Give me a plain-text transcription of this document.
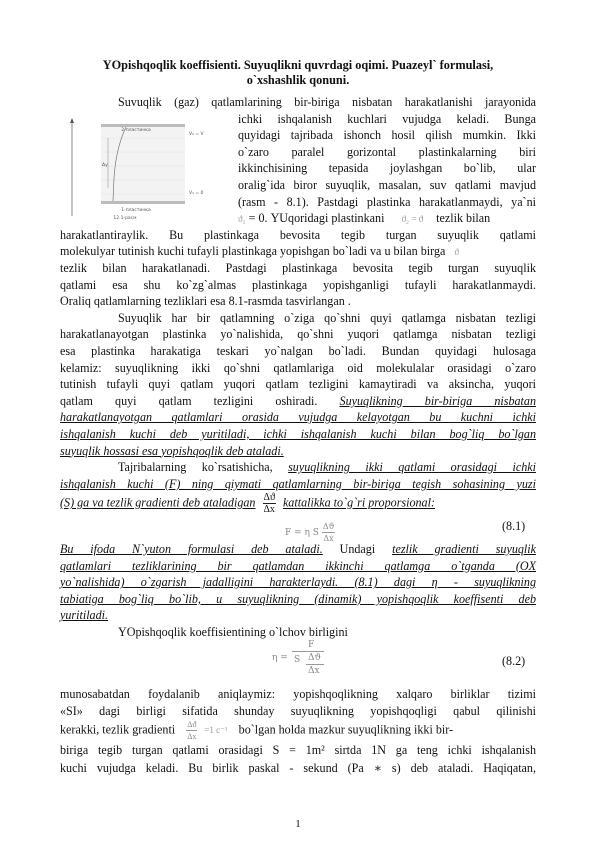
YOpishqoqlik koeffisienti. Suyuqlikni quvrdagi oqimi. Puazeyl` formulasi,
o`xshashlik qonuni.
2-пластинка
1-пластинка
V₂ = V
V₁ = 0
Δy
12.1-расм
Suvuqlik (gaz) qatlamlarining bir-biriga nisbatan harakatlanishi jarayonida
ichki ishqalanish kuchlari vujudga keladi. Bunga
quyidagi tajribada ishonch hosil qilish mumkin. Ikki
o`zaro paralel gorizontal plastinkalarning biri
ikkinchisining tepasida joylashgan bo`lib, ular
oralig`ida biror suyuqlik, masalan, suv qatlami mavjud
(rasm - 8.1). Pastdagi plastinka harakatlanmaydi, ya`ni
ϑ₁ = 0. YUqoridagi plastinkani ϑ₂ = ϑ tezlik bilan
harakatlantiraylik. Bu plastinkaga bevosita tegib turgan suyuqlik qatlami
molekulyar tutinish kuchi tufayli plastinkaga yopishgan bo`ladi va u bilan birga ϑ
tezlik bilan harakatlanadi. Pastdagi plastinkaga bevosita tegib turgan suyuqlik
qatlami esa shu ko`zg`almas plastinkaga yopishganligi tufayli harakatlanmaydi.
Oraliq qatlamlarning tezliklari esa 8.1-rasmda tasvirlangan .
Suyuqlik har bir qatlamning o`ziga qo`shni quyi qatlamga nisbatan tezligi
harakatlanayotgan plastinka yo`nalishida, qo`shni yuqori qatlamga nisbatan tezligi
esa plastinka harakatiga teskari yo`nalgan bo`ladi. Bundan quyidagi hulosaga
kelamiz: suyuqlikning ikki qo`shni qatlamlariga oid molekulalar orasidagi o`zaro
tutinish tufayli quyi qatlam yuqori qatlam tezligini kamaytiradi va aksincha, yuqori
qatlam quyi qatlam tezligini oshiradi. Suyuqlikning bir-biriga nisbatan
harakatlanayotgan qatlamlari orasida vujudga kelayotgan bu kuchni ichki
ishqalanish kuchi deb yuritiladi, ichki ishqalanish kuchi bilan bog`liq bo`lgan
suyuqlik hossasi esa yopishqoqlik deb ataladi.
Tajribalarning ko`rsatishicha, suyuqlikning ikki qatlami orasidagi ichki
ishqalanish kuchi (F) ning qiymati qatlamlarning bir-biriga tegish sohasining yuzi
(S) ga va tezlik gradienti deb ataladigan $\frac{\Delta ϑ}{\Delta x}$ kattalikka to`g`ri proporsional:
F = η S $\frac{\Delta ϑ}{\Delta x}$	(8.1)
Bu ifoda N`yuton formulasi deb ataladi. Undagi tezlik gradienti suyuqlik
qatlamlari tezliklarining bir qatlamdan ikkinchi qatlamga o`tganda (OX
yo`nalishida) o`zgarish jadalligini harakterlaydi. (8.1) dagi η - suyuqlikning
tabiatiga bog`liq bo`lib, u suyuqlikning (dinamik) yopishqoqlik koeffisenti deb
yuritiladi.
YOpishqoqlik koeffisientining o`lchov birligini
η =
F
S Δϑ
Δx
(8.2)
munosabatdan foydalanib aniqlaymiz: yopishqoqlikning xalqaro birliklar tizimi
«SI» dagi birligi sifatida shunday suyuqlikning yopishqoqligi qabul qilinishi
kerakki, tezlik gradienti $\frac{\Delta ϑ}{\Delta x} =1$ c⁻¹ bo`lgan holda mazkur suyuqlikning ikki bir-
biriga tegib turgan qatlami orasidagi S = 1m² sirtda 1N ga teng ichki ishqalanish
kuchi vujudga keladi. Bu birlik paskal - sekund (Pa ∗ s) deb ataladi. Haqiqatan,
1
